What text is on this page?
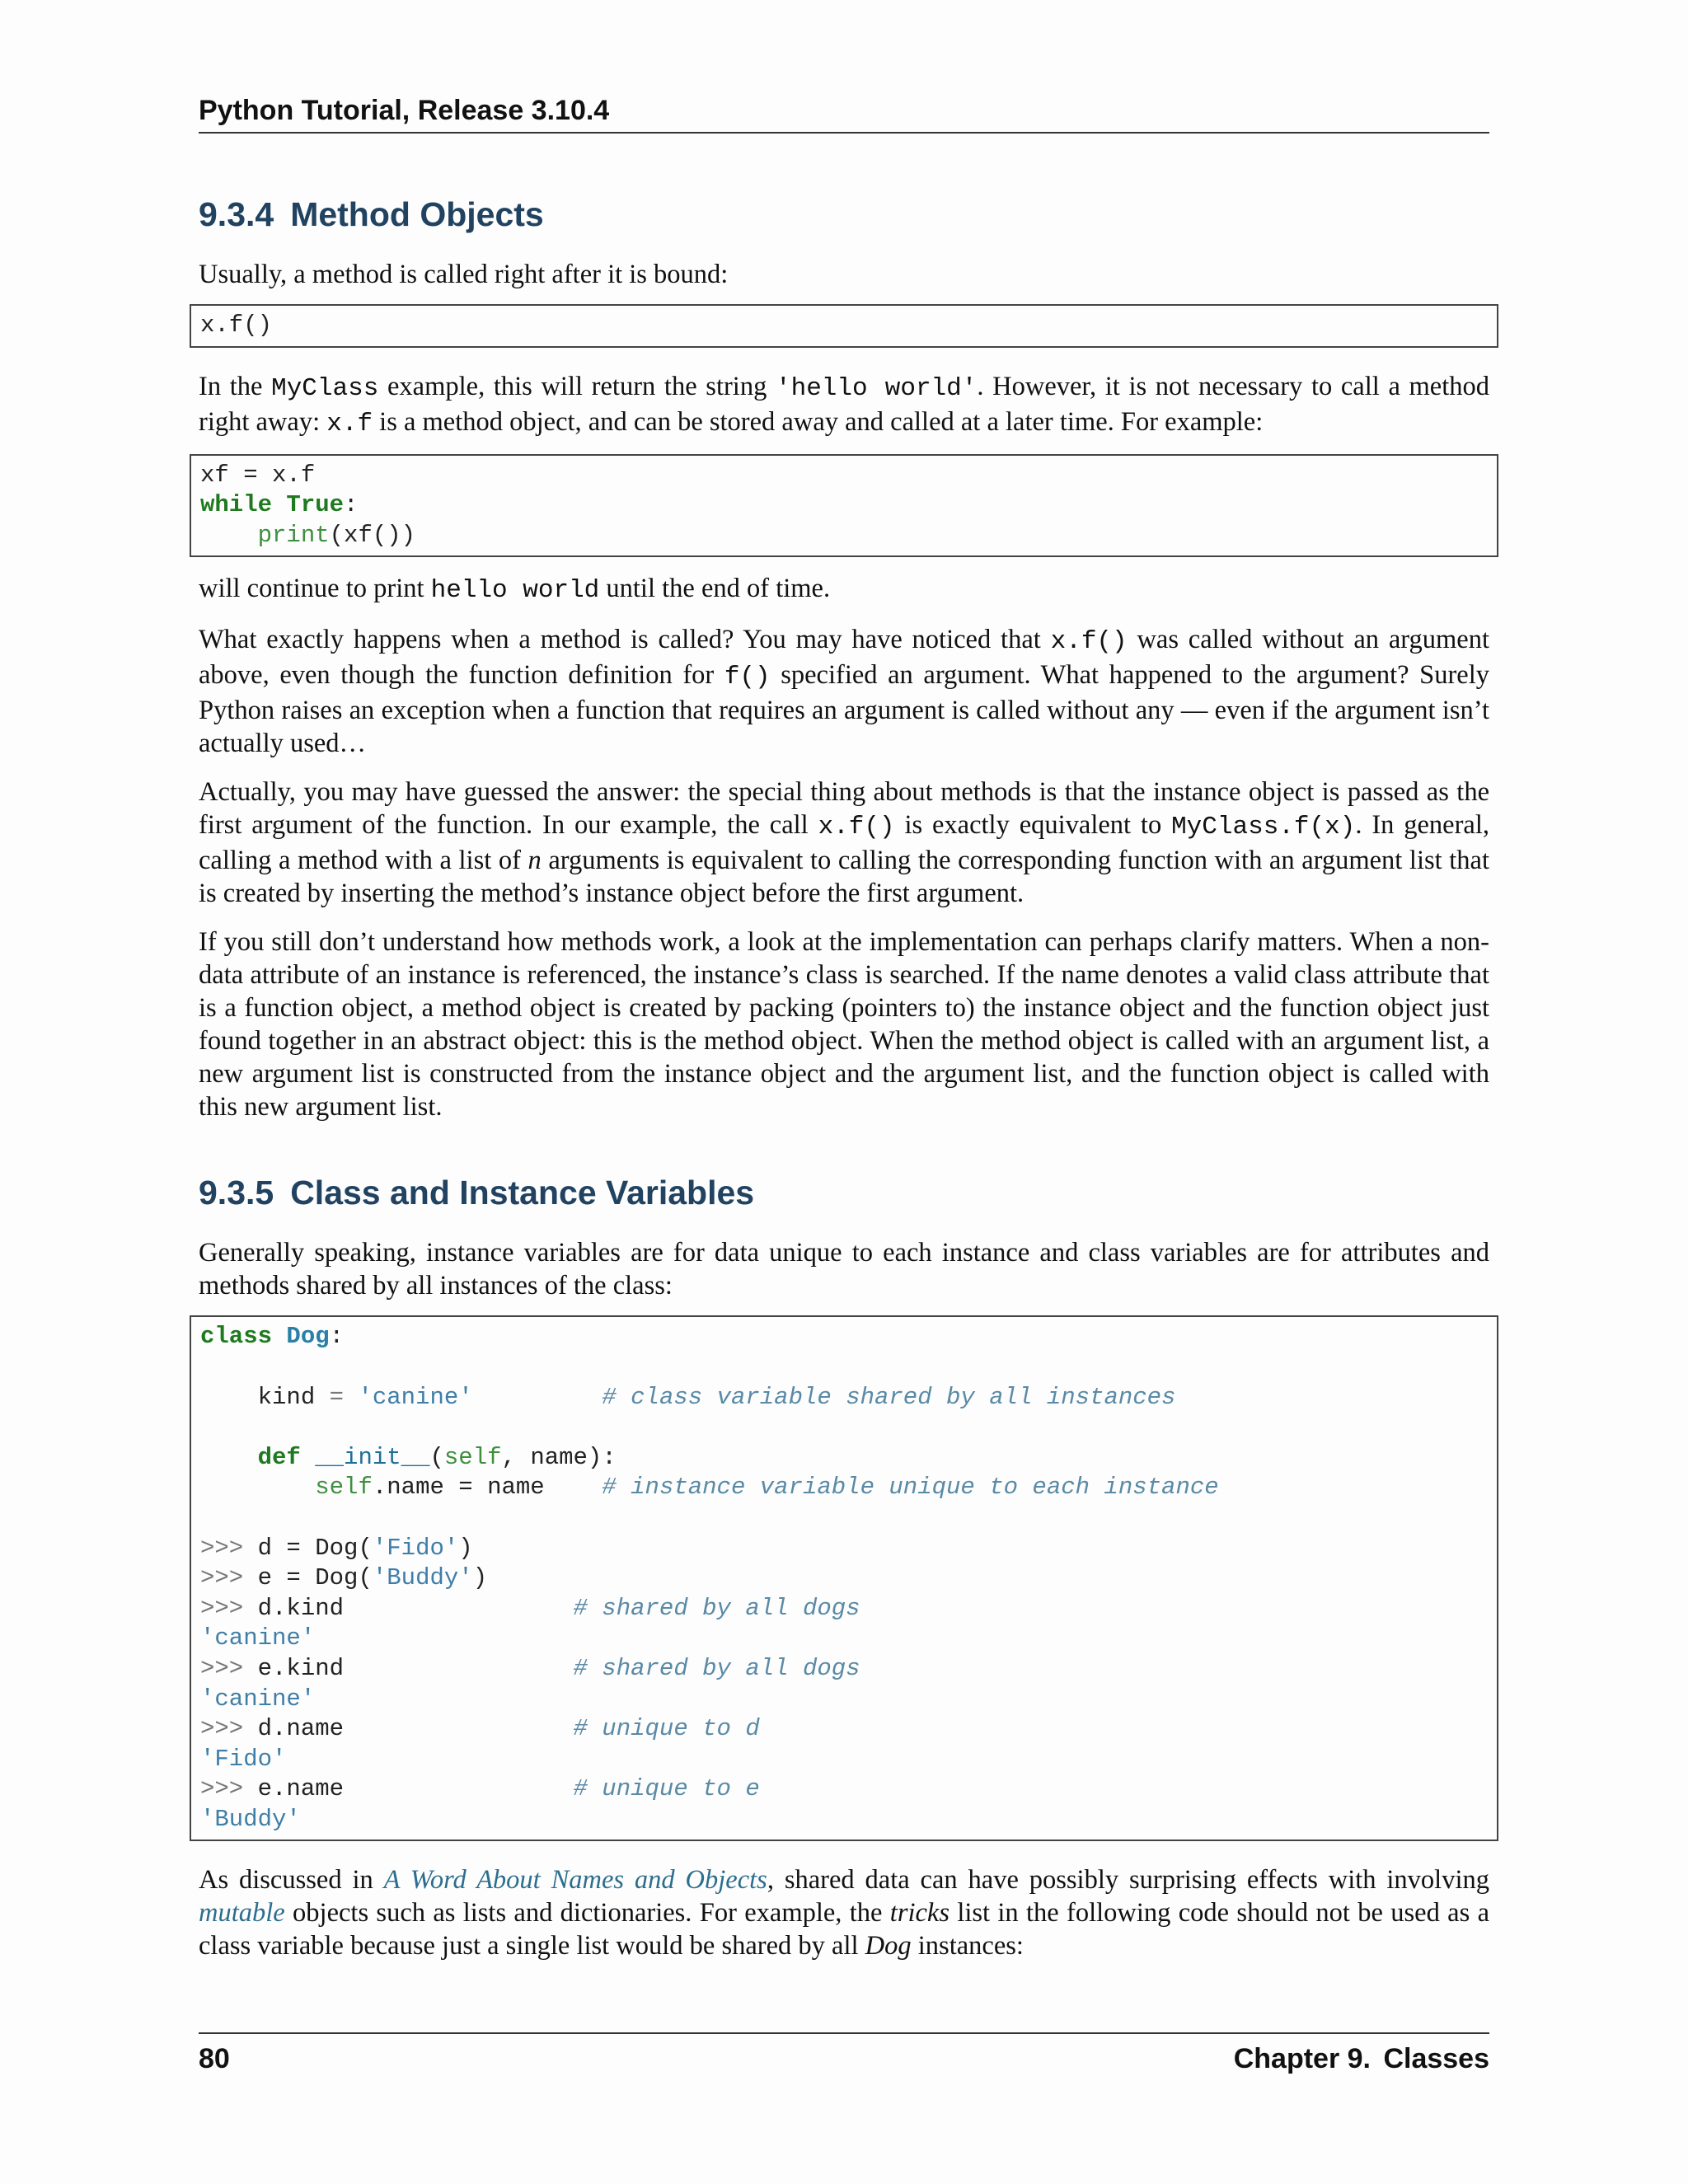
Python Tutorial, Release 3.10.4
9.3.4 Method Objects

Usually, a method is called right after it is bound:

x.f()

In the MyClass example, this will return the string 'hello world'. However, it is not necessary to call a method right away: x.f is a method object, and can be stored away and called at a later time. For example:

xf = x.f
while True:
print(xf())

will continue to print hello world until the end of time.

What exactly happens when a method is called? You may have noticed that x.f() was called without an argument above, even though the function definition for f() specified an argument. What happened to the argument? Surely Python raises an exception when a function that requires an argument is called without any — even if the argument isn’t actually used…

Actually, you may have guessed the answer: the special thing about methods is that the instance object is passed as the first argument of the function. In our example, the call x.f() is exactly equivalent to MyClass.f(x). In general, calling a method with a list of n arguments is equivalent to calling the corresponding function with an argument list that is created by inserting the method’s instance object before the first argument.

If you still don’t understand how methods work, a look at the implementation can perhaps clarify matters. When a non-data attribute of an instance is referenced, the instance’s class is searched. If the name denotes a valid class attribute that is a function object, a method object is created by packing (pointers to) the instance object and the function object just found together in an abstract object: this is the method object. When the method object is called with an argument list, a new argument list is constructed from the instance object and the argument list, and the function object is called with this new argument list.

9.3.5 Class and Instance Variables

Generally speaking, instance variables are for data unique to each instance and class variables are for attributes and methods shared by all instances of the class:

class Dog:

kind = 'canine'	# class variable shared by all instances

def __init__(self, name):
self.name = name # instance variable unique to each instance

>>> d = Dog('Fido')
>>> e = Dog('Buddy')
>>> d.kind	# shared by all dogs
'canine'
>>> e.kind	# shared by all dogs
'canine'
>>> d.name	# unique to d
'Fido'
>>> e.name	# unique to e
'Buddy'

As discussed in A Word About Names and Objects, shared data can have possibly surprising effects with involving mutable objects such as lists and dictionaries. For example, the tricks list in the following code should not be used as a class variable because just a single list would be shared by all Dog instances:

80	Chapter 9. Classes
